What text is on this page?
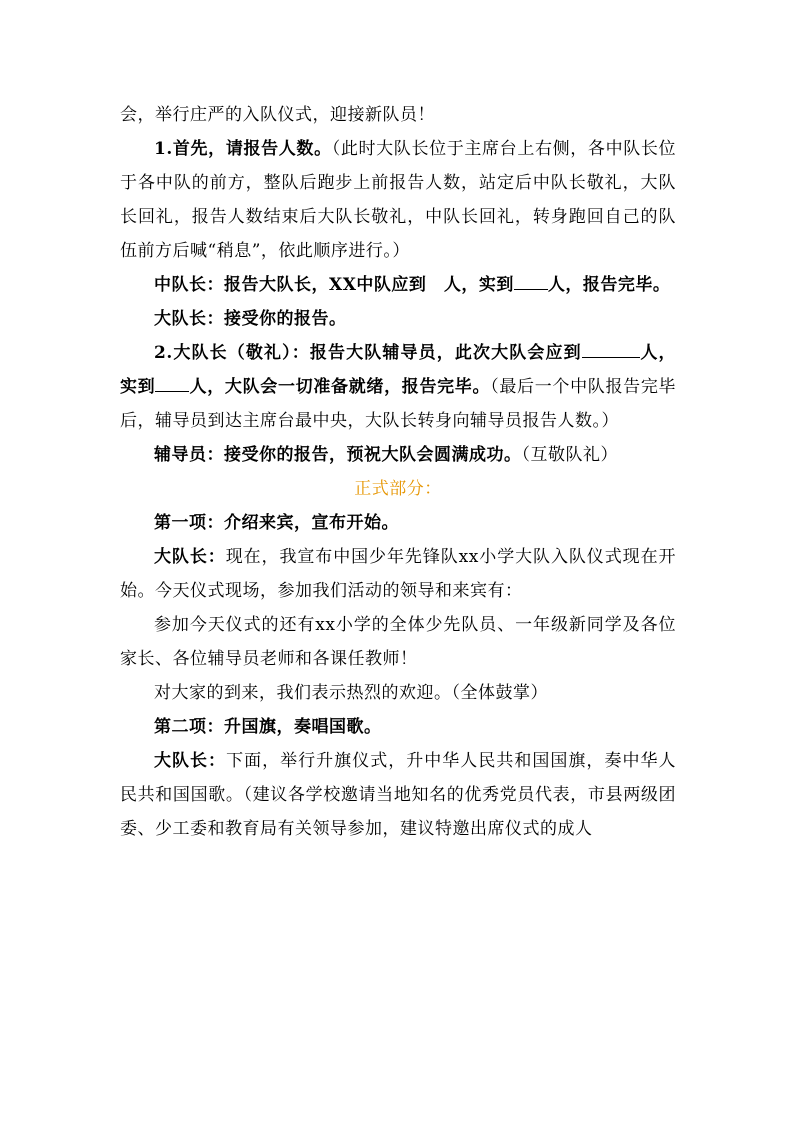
会，举行庄严的入队仪式，迎接新队员！

1.首先，请报告人数。（此时大队长位于主席台上右侧，各中队长位于各中队的前方，整队后跑步上前报告人数，站定后中队长敬礼，大队长回礼，报告人数结束后大队长敬礼，中队长回礼，转身跑回自己的队伍前方后喊“稍息”，依此顺序进行。）

中队长：报告大队长，XX中队应到　人，实到 人，报告完毕。

大队长：接受你的报告。

2.大队长（敬礼）：报告大队辅导员，此次大队会应到	人，实到 人，大队会一切准备就绪，报告完毕。（最后一个中队报告完毕后，辅导员到达主席台最中央，大队长转身向辅导员报告人数。）

辅导员：接受你的报告，预祝大队会圆满成功。（互敬队礼）

正式部分：

第一项：介绍来宾，宣布开始。

大队长：现在，我宣布中国少年先锋队xx小学大队入队仪式现在开始。今天仪式现场，参加我们活动的领导和来宾有：

参加今天仪式的还有xx小学的全体少先队员、一年级新同学及各位家长、各位辅导员老师和各课任教师！

对大家的到来，我们表示热烈的欢迎。（全体鼓掌）

第二项：升国旗，奏唱国歌。

大队长：下面，举行升旗仪式，升中华人民共和国国旗，奏中华人民共和国国歌。（建议各学校邀请当地知名的优秀党员代表，市县两级团委、少工委和教育局有关领导参加，建议特邀出席仪式的成人
